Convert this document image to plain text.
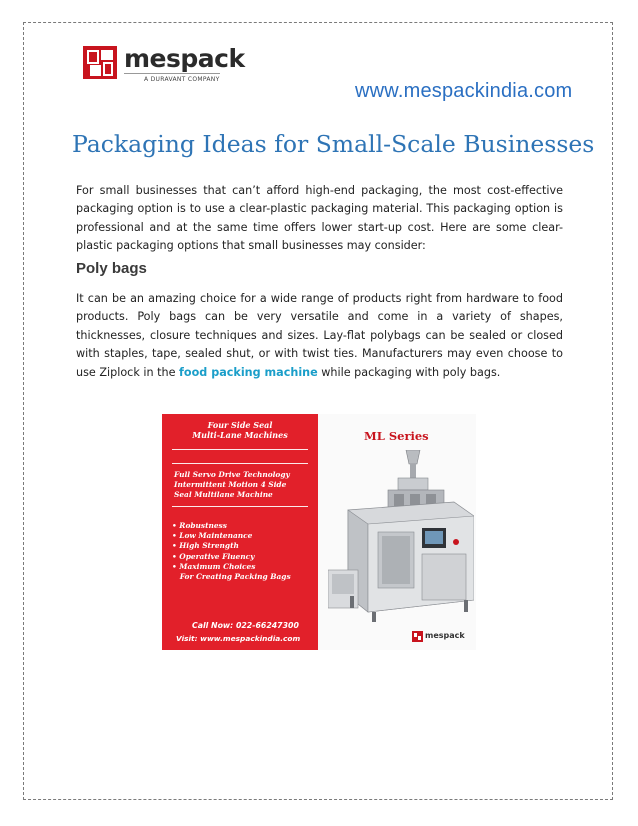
mespack
A DURAVANT COMPANY
www.mespackindia.com
Packaging Ideas for Small-Scale Businesses

For small businesses that can’t afford high-end packaging, the most cost-effective packaging option is to use a clear-plastic packaging material. This packaging option is professional and at the same time offers lower start-up cost. Here are some clear-plastic packaging options that small businesses may consider:

Poly bags

It can be an amazing choice for a wide range of products right from hardware to food products. Poly bags can be very versatile and come in a variety of shapes, thicknesses, closure techniques and sizes. Lay-flat polybags can be sealed or closed with staples, tape, sealed shut, or with twist ties. Manufacturers may even choose to use Ziplock in the food packing machine while packaging with poly bags.

Four Side Seal
Multi-Lane Machines
Full Servo Drive Technology
Intermittent Motion 4 Side
Seal Multilane Machine
• Robustness
• Low Maintenance
• High Strength
• Operative Fluency
• Maximum Choices
For Creating Packing Bags
Call Now: 022-66247300
Visit: www.mespackindia.com
ML Series
mespack
